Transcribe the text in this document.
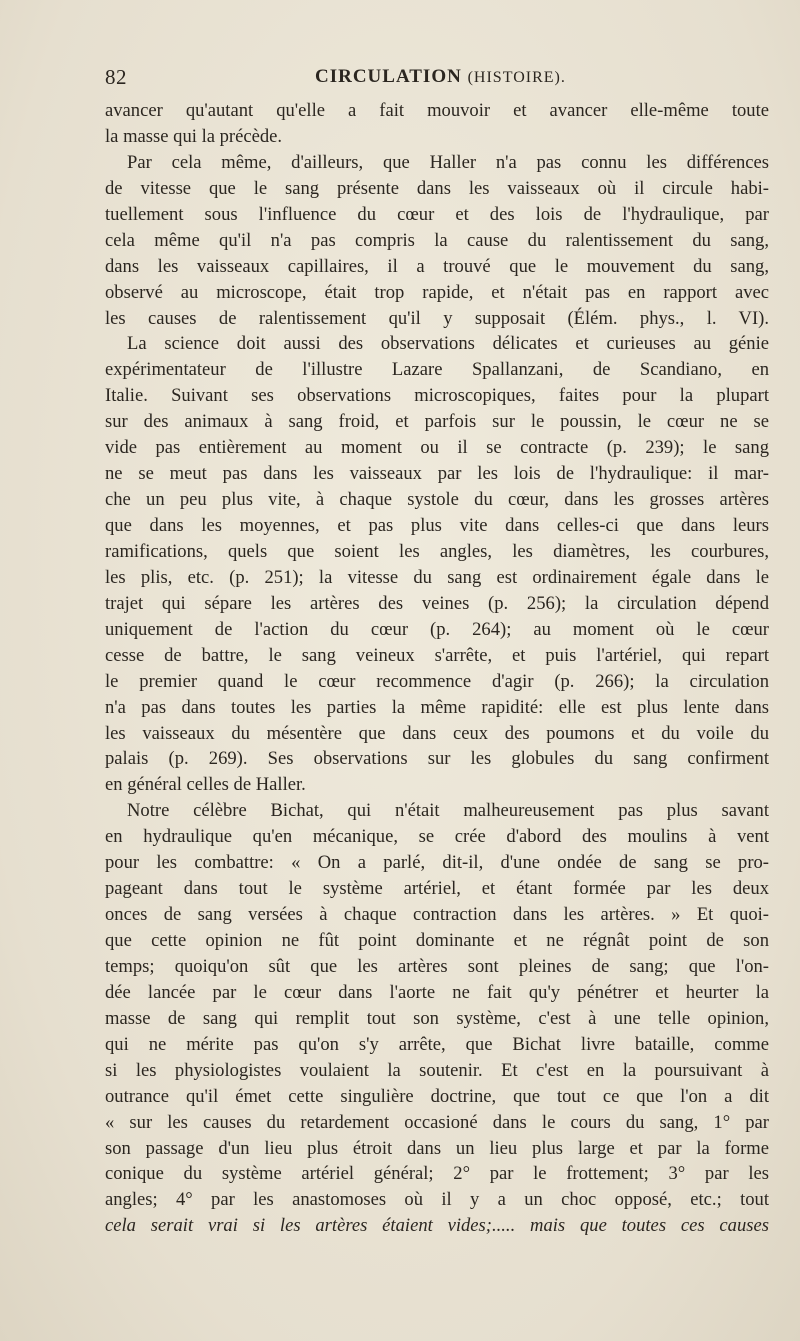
82	CIRCULATION (HISTOIRE).
avancer qu'autant qu'elle a fait mouvoir et avancer elle-même toute
la masse qui la précède.
Par cela même, d'ailleurs, que Haller n'a pas connu les différences
de vitesse que le sang présente dans les vaisseaux où il circule habi-
tuellement sous l'influence du cœur et des lois de l'hydraulique, par
cela même qu'il n'a pas compris la cause du ralentissement du sang,
dans les vaisseaux capillaires, il a trouvé que le mouvement du sang,
observé au microscope, était trop rapide, et n'était pas en rapport avec
les causes de ralentissement qu'il y supposait (Élém. phys., l. VI).
La science doit aussi des observations délicates et curieuses au génie
expérimentateur de l'illustre Lazare Spallanzani, de Scandiano, en
Italie. Suivant ses observations microscopiques, faites pour la plupart
sur des animaux à sang froid, et parfois sur le poussin, le cœur ne se
vide pas entièrement au moment ou il se contracte (p. 239); le sang
ne se meut pas dans les vaisseaux par les lois de l'hydraulique: il mar-
che un peu plus vite, à chaque systole du cœur, dans les grosses artères
que dans les moyennes, et pas plus vite dans celles-ci que dans leurs
ramifications, quels que soient les angles, les diamètres, les courbures,
les plis, etc. (p. 251); la vitesse du sang est ordinairement égale dans le
trajet qui sépare les artères des veines (p. 256); la circulation dépend
uniquement de l'action du cœur (p. 264); au moment où le cœur
cesse de battre, le sang veineux s'arrête, et puis l'artériel, qui repart
le premier quand le cœur recommence d'agir (p. 266); la circulation
n'a pas dans toutes les parties la même rapidité: elle est plus lente dans
les vaisseaux du mésentère que dans ceux des poumons et du voile du
palais (p. 269). Ses observations sur les globules du sang confirment
en général celles de Haller.
Notre célèbre Bichat, qui n'était malheureusement pas plus savant
en hydraulique qu'en mécanique, se crée d'abord des moulins à vent
pour les combattre: « On a parlé, dit-il, d'une ondée de sang se pro-
pageant dans tout le système artériel, et étant formée par les deux
onces de sang versées à chaque contraction dans les artères. » Et quoi-
que cette opinion ne fût point dominante et ne régnât point de son
temps; quoiqu'on sût que les artères sont pleines de sang; que l'on-
dée lancée par le cœur dans l'aorte ne fait qu'y pénétrer et heurter la
masse de sang qui remplit tout son système, c'est à une telle opinion,
qui ne mérite pas qu'on s'y arrête, que Bichat livre bataille, comme
si les physiologistes voulaient la soutenir. Et c'est en la poursuivant à
outrance qu'il émet cette singulière doctrine, que tout ce que l'on a dit
« sur les causes du retardement occasioné dans le cours du sang, 1° par
son passage d'un lieu plus étroit dans un lieu plus large et par la forme
conique du système artériel général; 2° par le frottement; 3° par les
angles; 4° par les anastomoses où il y a un choc opposé, etc.; tout
cela serait vrai si les artères étaient vides;..... mais que toutes ces causes
